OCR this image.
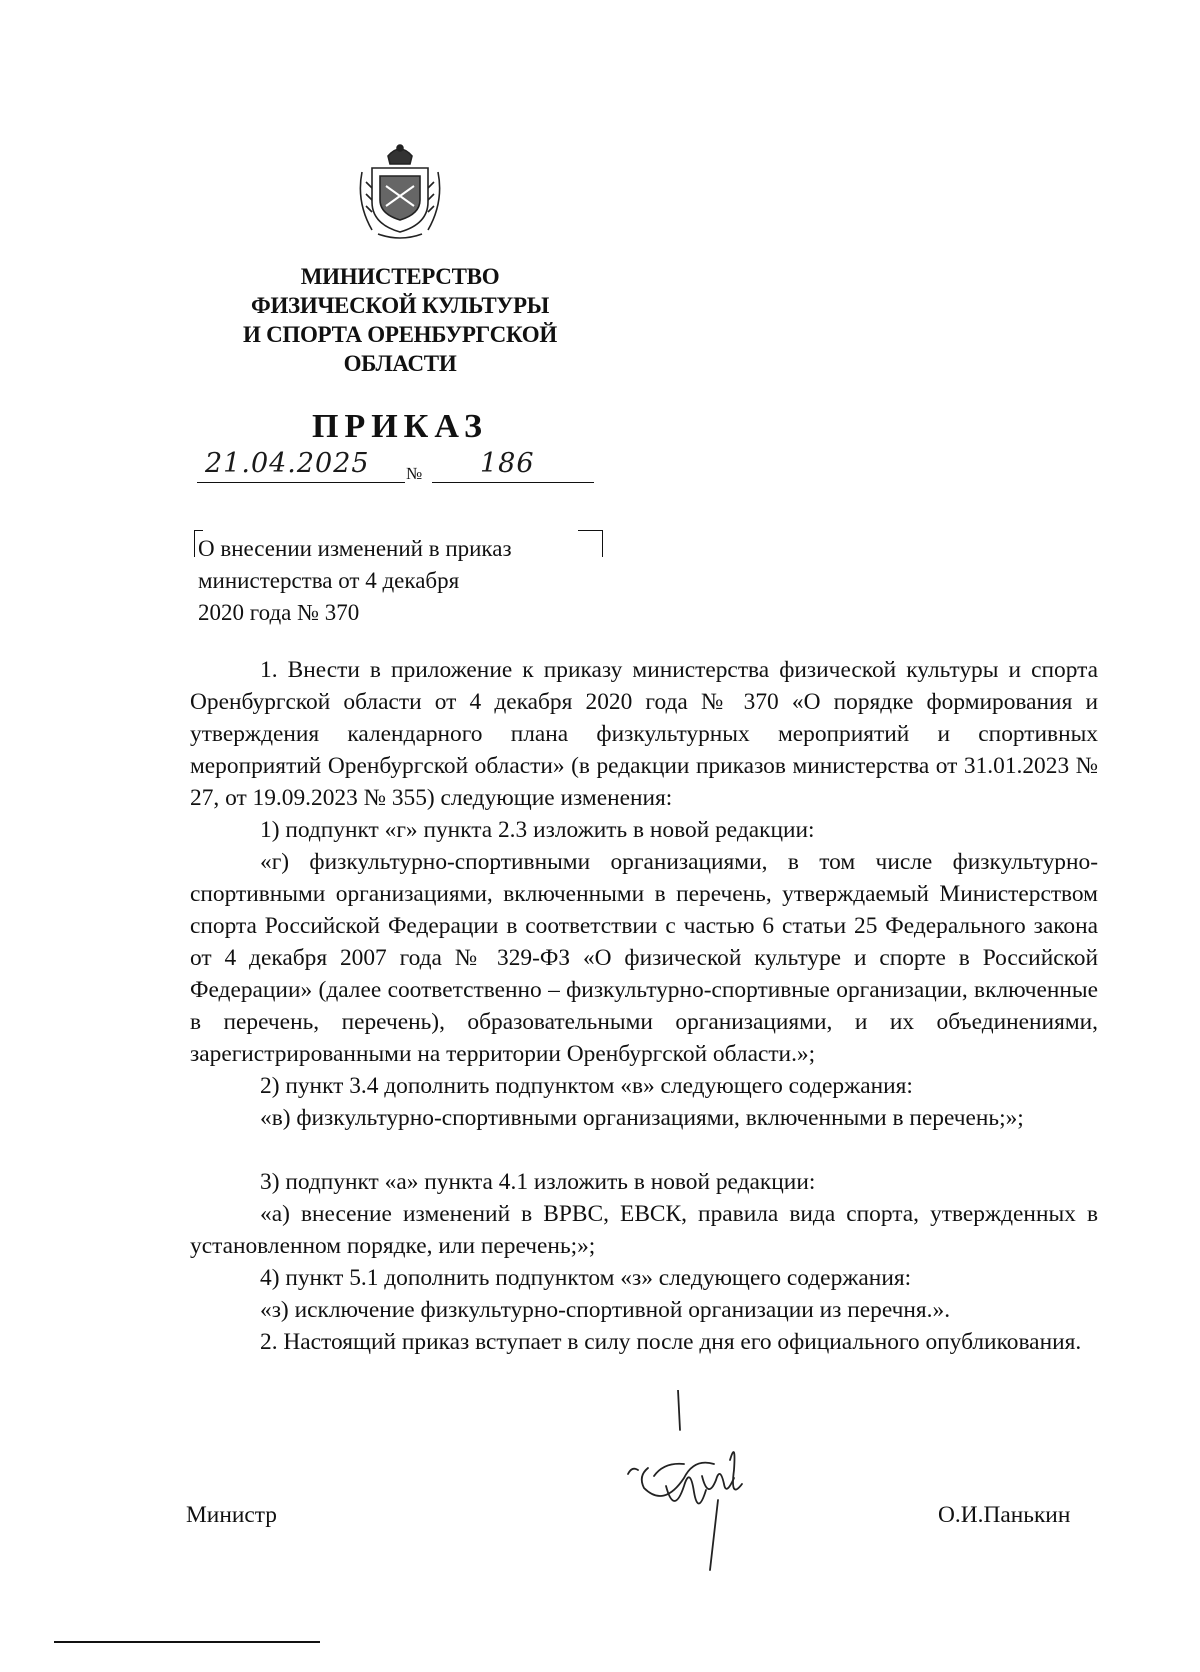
МИНИСТЕРСТВО
ФИЗИЧЕСКОЙ КУЛЬТУРЫ
И СПОРТА ОРЕНБУРГСКОЙ
ОБЛАСТИ
ПРИКАЗ
21.04.2025 № 186
О внесении изменений в приказ
министерства от 4 декабря
2020 года № 370
1. Внести в приложение к приказу министерства физической культуры и спорта Оренбургской области от 4 декабря 2020 года № 370 «О порядке формирования и утверждения календарного плана физкультурных мероприятий и спортивных мероприятий Оренбургской области» (в редакции приказов министерства от 31.01.2023 № 27, от 19.09.2023 № 355) следующие изменения:
1) подпункт «г» пункта 2.3 изложить в новой редакции:
«г) физкультурно-спортивными организациями, в том числе физкультурно-спортивными организациями, включенными в перечень, утверждаемый Министерством спорта Российской Федерации в соответствии с частью 6 статьи 25 Федерального закона от 4 декабря 2007 года № 329-ФЗ «О физической культуре и спорте в Российской Федерации» (далее соответственно – физкультурно-спортивные организации, включенные в перечень, перечень), образовательными организациями, и их объединениями, зарегистрированными на территории Оренбургской области.»;
2) пункт 3.4 дополнить подпунктом «в» следующего содержания:
«в) физкультурно-спортивными организациями, включенными в перечень;»;
3) подпункт «а» пункта 4.1 изложить в новой редакции:
«а) внесение изменений в ВРВС, ЕВСК, правила вида спорта, утвержденных в установленном порядке, или перечень;»;
4) пункт 5.1 дополнить подпунктом «з» следующего содержания:
«з) исключение физкультурно-спортивной организации из перечня.».
2. Настоящий приказ вступает в силу после дня его официального опубликования.
Министр	О.И.Панькин
